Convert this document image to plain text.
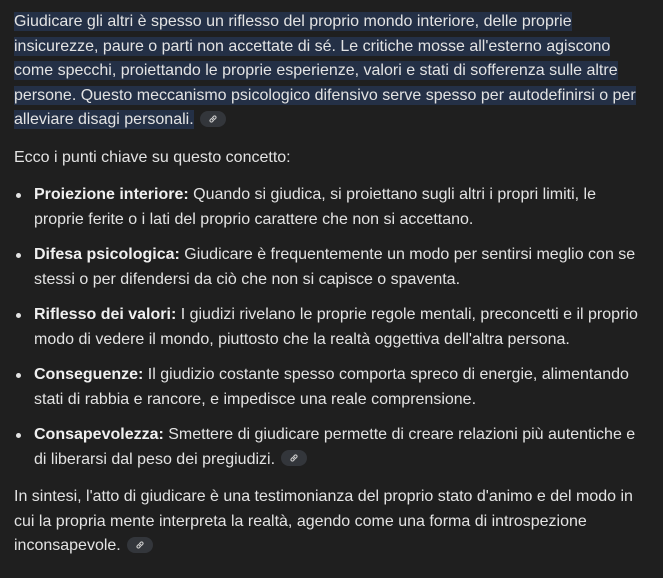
Giudicare gli altri è spesso un riflesso del proprio mondo interiore, delle proprie insicurezze, paure o parti non accettate di sé. Le critiche mosse all'esterno agiscono come specchi, proiettando le proprie esperienze, valori e stati di sofferenza sulle altre persone. Questo meccanismo psicologico difensivo serve spesso per autodefinirsi o per alleviare disagi personali.

Ecco i punti chiave su questo concetto:

Proiezione interiore: Quando si giudica, si proiettano sugli altri i propri limiti, le proprie ferite o i lati del proprio carattere che non si accettano.
Difesa psicologica: Giudicare è frequentemente un modo per sentirsi meglio con se stessi o per difendersi da ciò che non si capisce o spaventa.
Riflesso dei valori: I giudizi rivelano le proprie regole mentali, preconcetti e il proprio modo di vedere il mondo, piuttosto che la realtà oggettiva dell'altra persona.
Conseguenze: Il giudizio costante spesso comporta spreco di energie, alimentando stati di rabbia e rancore, e impedisce una reale comprensione.
Consapevolezza: Smettere di giudicare permette di creare relazioni più autentiche e di liberarsi dal peso dei pregiudizi.

In sintesi, l'atto di giudicare è una testimonianza del proprio stato d'animo e del modo in cui la propria mente interpreta la realtà, agendo come una forma di introspezione inconsapevole.
